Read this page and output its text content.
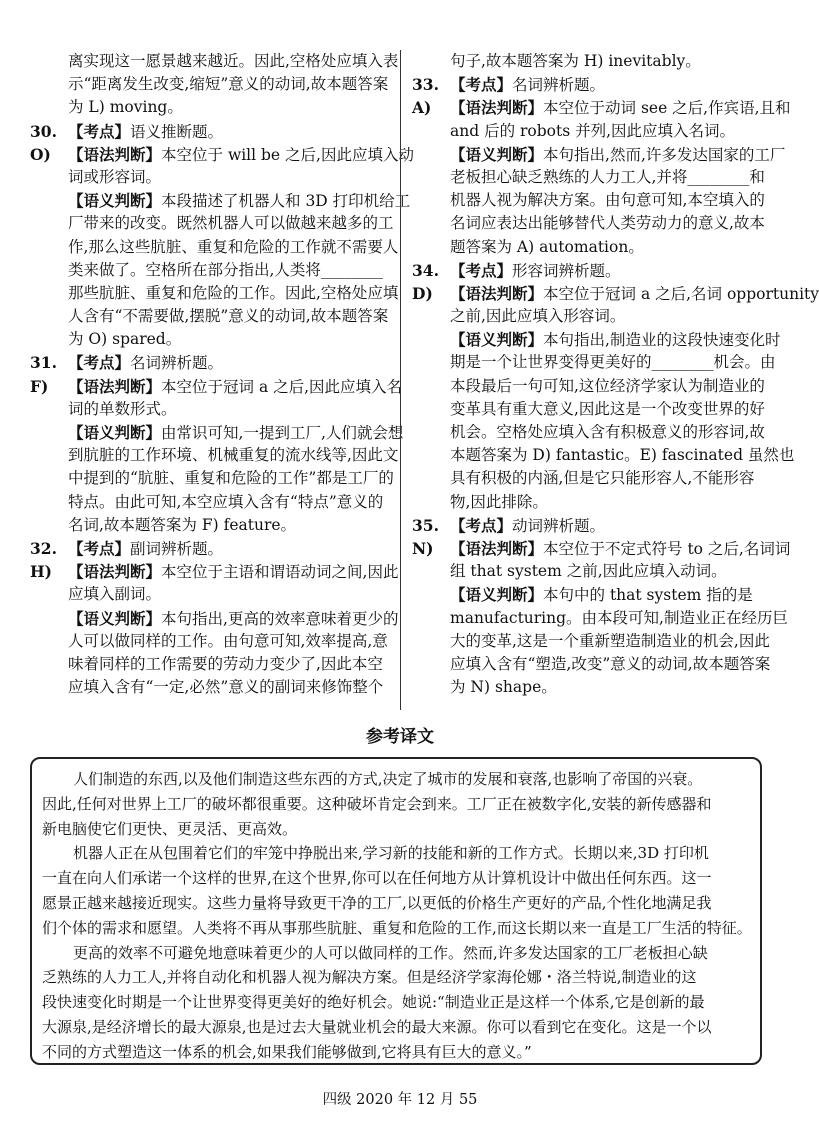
离实现这一愿景越来越近。因此,空格处应填入表
示“距离发生改变,缩短”意义的动词,故本题答案
为 L) moving。
30. 【考点】语义推断题。
O) 【语法判断】本空位于 will be 之后,因此应填入动
词或形容词。
【语义判断】本段描述了机器人和 3D 打印机给工
厂带来的改变。既然机器人可以做越来越多的工
作,那么这些肮脏、重复和危险的工作就不需要人
类来做了。空格所在部分指出,人类将________
那些肮脏、重复和危险的工作。因此,空格处应填
人含有“不需要做,摆脱”意义的动词,故本题答案
为 O) spared。
31. 【考点】名词辨析题。
F) 【语法判断】本空位于冠词 a 之后,因此应填入名
词的单数形式。
【语义判断】由常识可知,一提到工厂,人们就会想
到肮脏的工作环境、机械重复的流水线等,因此文
中提到的“肮脏、重复和危险的工作”都是工厂的
特点。由此可知,本空应填入含有“特点”意义的
名词,故本题答案为 F) feature。
32. 【考点】副词辨析题。
H) 【语法判断】本空位于主语和谓语动词之间,因此
应填入副词。
【语义判断】本句指出,更高的效率意味着更少的
人可以做同样的工作。由句意可知,效率提高,意
味着同样的工作需要的劳动力变少了,因此本空
应填入含有“一定,必然”意义的副词来修饰整个
句子,故本题答案为 H) inevitably。
33. 【考点】名词辨析题。
A) 【语法判断】本空位于动词 see 之后,作宾语,且和
and 后的 robots 并列,因此应填入名词。
【语义判断】本句指出,然而,许多发达国家的工厂
老板担心缺乏熟练的人力工人,并将________和
机器人视为解决方案。由句意可知,本空填入的
名词应表达出能够替代人类劳动力的意义,故本
题答案为 A) automation。
34. 【考点】形容词辨析题。
D) 【语法判断】本空位于冠词 a 之后,名词 opportunity
之前,因此应填入形容词。
【语义判断】本句指出,制造业的这段快速变化时
期是一个让世界变得更美好的________机会。由
本段最后一句可知,这位经济学家认为制造业的
变革具有重大意义,因此这是一个改变世界的好
机会。空格处应填入含有积极意义的形容词,故
本题答案为 D) fantastic。E) fascinated 虽然也
具有积极的内涵,但是它只能形容人,不能形容
物,因此排除。
35. 【考点】动词辨析题。
N) 【语法判断】本空位于不定式符号 to 之后,名词词
组 that system 之前,因此应填入动词。
【语义判断】本句中的 that system 指的是
manufacturing。由本段可知,制造业正在经历巨
大的变革,这是一个重新塑造制造业的机会,因此
应填入含有“塑造,改变”意义的动词,故本题答案
为 N) shape。
参考译文
人们制造的东西,以及他们制造这些东西的方式,决定了城市的发展和衰落,也影响了帝国的兴衰。
因此,任何对世界上工厂的破坏都很重要。这种破坏肯定会到来。工厂正在被数字化,安装的新传感器和
新电脑使它们更快、更灵活、更高效。
机器人正在从包围着它们的牢笼中挣脱出来,学习新的技能和新的工作方式。长期以来,3D 打印机
一直在向人们承诺一个这样的世界,在这个世界,你可以在任何地方从计算机设计中做出任何东西。这一
愿景正越来越接近现实。这些力量将导致更干净的工厂,以更低的价格生产更好的产品,个性化地满足我
们个体的需求和愿望。人类将不再从事那些肮脏、重复和危险的工作,而这长期以来一直是工厂生活的特征。
更高的效率不可避免地意味着更少的人可以做同样的工作。然而,许多发达国家的工厂老板担心缺
乏熟练的人力工人,并将自动化和机器人视为解决方案。但是经济学家海伦娜・洛兰特说,制造业的这
段快速变化时期是一个让世界变得更美好的绝好机会。她说:“制造业正是这样一个体系,它是创新的最
大源泉,是经济增长的最大源泉,也是过去大量就业机会的最大来源。你可以看到它在变化。这是一个以
不同的方式塑造这一体系的机会,如果我们能够做到,它将具有巨大的意义。”
四级 2020 年 12 月 55
